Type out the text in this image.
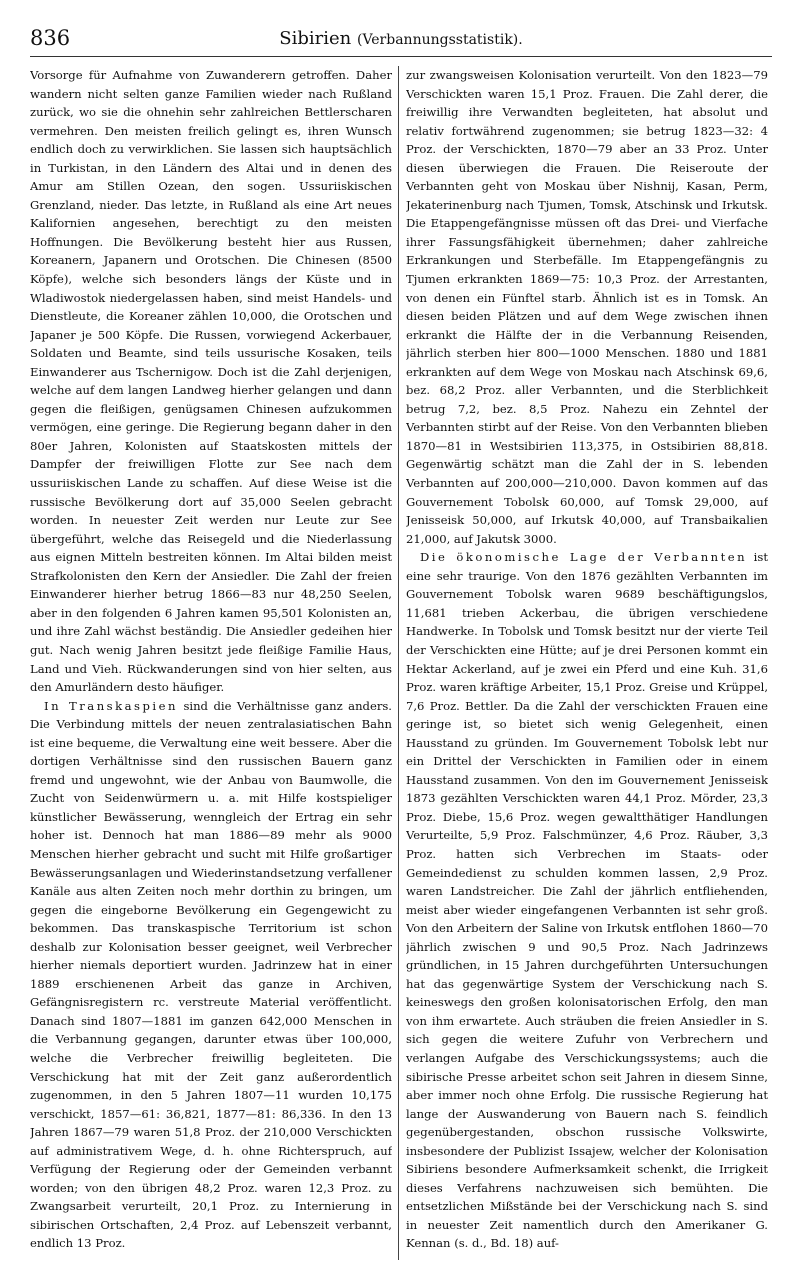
836	Sibirien (Verbannungsstatistik).

Vorsorge für Aufnahme von Zuwanderern getroffen. Daher wandern nicht selten ganze Familien wieder nach Rußland zurück, wo sie die ohnehin sehr zahlreichen Bettlerscharen vermehren. Den meisten freilich gelingt es, ihren Wunsch endlich doch zu verwirklichen. Sie lassen sich hauptsächlich in Turkistan, in den Ländern des Altai und in denen des Amur am Stillen Ozean, den sogen. Ussuriiskischen Grenzland, nieder. Das letzte, in Rußland als eine Art neues Kalifornien angesehen, berechtigt zu den meisten Hoffnungen. Die Bevölkerung besteht hier aus Russen, Koreanern, Japanern und Orotschen. Die Chinesen (8500 Köpfe), welche sich besonders längs der Küste und in Wladiwostok niedergelassen haben, sind meist Handels- und Dienstleute, die Koreaner zählen 10,000, die Orotschen und Japaner je 500 Köpfe. Die Russen, vorwiegend Ackerbauer, Soldaten und Beamte, sind teils ussurische Kosaken, teils Einwanderer aus Tschernigow. Doch ist die Zahl derjenigen, welche auf dem langen Landweg hierher gelangen und dann gegen die fleißigen, genügsamen Chinesen aufzukommen vermögen, eine geringe. Die Regierung begann daher in den 80er Jahren, Kolonisten auf Staatskosten mittels der Dampfer der freiwilligen Flotte zur See nach dem ussuriiskischen Lande zu schaffen. Auf diese Weise ist die russische Bevölkerung dort auf 35,000 Seelen gebracht worden. In neuester Zeit werden nur Leute zur See übergeführt, welche das Reisegeld und die Niederlassung aus eignen Mitteln bestreiten können. Im Altai bilden meist Strafkolonisten den Kern der Ansiedler. Die Zahl der freien Einwanderer hierher betrug 1866—83 nur 48,250 Seelen, aber in den folgenden 6 Jahren kamen 95,501 Kolonisten an, und ihre Zahl wächst beständig. Die Ansiedler gedeihen hier gut. Nach wenig Jahren besitzt jede fleißige Familie Haus, Land und Vieh. Rückwanderungen sind von hier selten, aus den Amurländern desto häufiger.

In Transkaspien sind die Verhältnisse ganz anders. Die Verbindung mittels der neuen zentralasiatischen Bahn ist eine bequeme, die Verwaltung eine weit bessere. Aber die dortigen Verhältnisse sind den russischen Bauern ganz fremd und ungewohnt, wie der Anbau von Baumwolle, die Zucht von Seidenwürmern u. a. mit Hilfe kostspieliger künstlicher Bewässerung, wenngleich der Ertrag ein sehr hoher ist. Dennoch hat man 1886—89 mehr als 9000 Menschen hierher gebracht und sucht mit Hilfe großartiger Bewässerungsanlagen und Wiederinstandsetzung verfallener Kanäle aus alten Zeiten noch mehr dorthin zu bringen, um gegen die eingeborne Bevölkerung ein Gegengewicht zu bekommen. Das transkaspische Territorium ist schon deshalb zur Kolonisation besser geeignet, weil Verbrecher hierher niemals deportiert wurden. Jadrinzew hat in einer 1889 erschienenen Arbeit das ganze in Archiven, Gefängnisregistern rc. verstreute Material veröffentlicht. Danach sind 1807—1881 im ganzen 642,000 Menschen in die Verbannung gegangen, darunter etwas über 100,000, welche die Verbrecher freiwillig begleiteten. Die Verschickung hat mit der Zeit ganz außerordentlich zugenommen, in den 5 Jahren 1807—11 wurden 10,175 verschickt, 1857—61: 36,821, 1877—81: 86,336. In den 13 Jahren 1867—79 waren 51,8 Proz. der 210,000 Verschickten auf administrativem Wege, d. h. ohne Richterspruch, auf Verfügung der Regierung oder der Gemeinden verbannt worden; von den übrigen 48,2 Proz. waren 12,3 Proz. zu Zwangsarbeit verurteilt, 20,1 Proz. zu Internierung in sibirischen Ortschaften, 2,4 Proz. auf Lebenszeit verbannt, endlich 13 Proz.

zur zwangsweisen Kolonisation verurteilt. Von den 1823—79 Verschickten waren 15,1 Proz. Frauen. Die Zahl derer, die freiwillig ihre Verwandten begleiteten, hat absolut und relativ fortwährend zugenommen; sie betrug 1823—32: 4 Proz. der Verschickten, 1870—79 aber an 33 Proz. Unter diesen überwiegen die Frauen. Die Reiseroute der Verbannten geht von Moskau über Nishnij, Kasan, Perm, Jekaterinenburg nach Tjumen, Tomsk, Atschinsk und Irkutsk. Die Etappengefängnisse müssen oft das Drei- und Vierfache ihrer Fassungsfähigkeit übernehmen; daher zahlreiche Erkrankungen und Sterbefälle. Im Etappengefängnis zu Tjumen erkrankten 1869—75: 10,3 Proz. der Arrestanten, von denen ein Fünftel starb. Ähnlich ist es in Tomsk. An diesen beiden Plätzen und auf dem Wege zwischen ihnen erkrankt die Hälfte der in die Verbannung Reisenden, jährlich sterben hier 800—1000 Menschen. 1880 und 1881 erkrankten auf dem Wege von Moskau nach Atschinsk 69,6, bez. 68,2 Proz. aller Verbannten, und die Sterblichkeit betrug 7,2, bez. 8,5 Proz. Nahezu ein Zehntel der Verbannten stirbt auf der Reise. Von den Verbannten blieben 1870—81 in Westsibirien 113,375, in Ostsibirien 88,818. Gegenwärtig schätzt man die Zahl der in S. lebenden Verbannten auf 200,000—210,000. Davon kommen auf das Gouvernement Tobolsk 60,000, auf Tomsk 29,000, auf Jenisseisk 50,000, auf Irkutsk 40,000, auf Transbaikalien 21,000, auf Jakutsk 3000.

Die ökonomische Lage der Verbannten ist eine sehr traurige. Von den 1876 gezählten Verbannten im Gouvernement Tobolsk waren 9689 beschäftigungslos, 11,681 trieben Ackerbau, die übrigen verschiedene Handwerke. In Tobolsk und Tomsk besitzt nur der vierte Teil der Verschickten eine Hütte; auf je drei Personen kommt ein Hektar Ackerland, auf je zwei ein Pferd und eine Kuh. 31,6 Proz. waren kräftige Arbeiter, 15,1 Proz. Greise und Krüppel, 7,6 Proz. Bettler. Da die Zahl der verschickten Frauen eine geringe ist, so bietet sich wenig Gelegenheit, einen Hausstand zu gründen. Im Gouvernement Tobolsk lebt nur ein Drittel der Verschickten in Familien oder in einem Hausstand zusammen. Von den im Gouvernement Jenisseisk 1873 gezählten Verschickten waren 44,1 Proz. Mörder, 23,3 Proz. Diebe, 15,6 Proz. wegen gewaltthätiger Handlungen Verurteilte, 5,9 Proz. Falschmünzer, 4,6 Proz. Räuber, 3,3 Proz. hatten sich Verbrechen im Staats- oder Gemeindedienst zu schulden kommen lassen, 2,9 Proz. waren Landstreicher. Die Zahl der jährlich entfliehenden, meist aber wieder eingefangenen Verbannten ist sehr groß. Von den Arbeitern der Saline von Irkutsk entflohen 1860—70 jährlich zwischen 9 und 90,5 Proz. Nach Jadrinzews gründlichen, in 15 Jahren durchgeführten Untersuchungen hat das gegenwärtige System der Verschickung nach S. keineswegs den großen kolonisatorischen Erfolg, den man von ihm erwartete. Auch sträuben die freien Ansiedler in S. sich gegen die weitere Zufuhr von Verbrechern und verlangen Aufgabe des Verschickungssystems; auch die sibirische Presse arbeitet schon seit Jahren in diesem Sinne, aber immer noch ohne Erfolg. Die russische Regierung hat lange der Auswanderung von Bauern nach S. feindlich gegenübergestanden, obschon russische Volkswirte, insbesondere der Publizist Issajew, welcher der Kolonisation Sibiriens besondere Aufmerksamkeit schenkt, die Irrigkeit dieses Verfahrens nachzuweisen sich bemühten. Die entsetzlichen Mißstände bei der Verschickung nach S. sind in neuester Zeit namentlich durch den Amerikaner G. Kennan (s. d., Bd. 18) auf-
